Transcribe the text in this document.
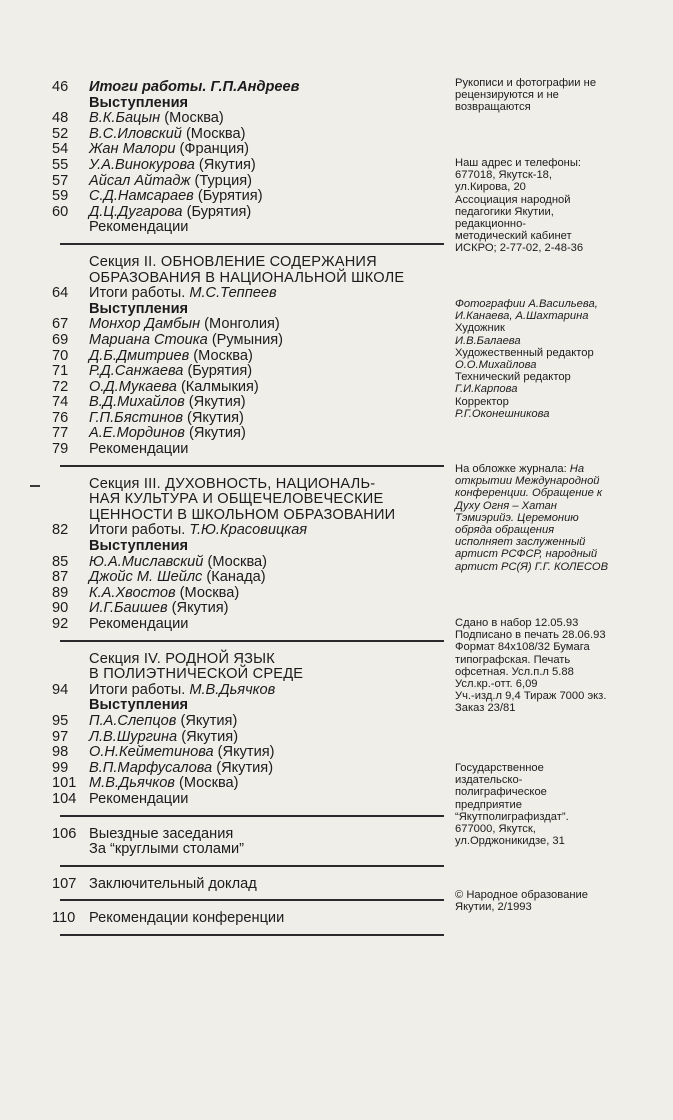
46	Итоги работы. Г.П.Андреев
Выступления
48	В.К.Бацын (Москва)
52	В.С.Иловский (Москва)
54	Жан Малори (Франция)
55	У.А.Винокурова (Якутия)
57	Айсал Айтадж (Турция)
59	С.Д.Намсараев (Бурятия)
60	Д.Ц.Дугарова (Бурятия)
Рекомендации
Секция II. ОБНОВЛЕНИЕ СОДЕРЖАНИЯ
ОБРАЗОВАНИЯ В НАЦИОНАЛЬНОЙ ШКОЛЕ
64	Итоги работы. М.С.Теппеев
Выступления
67	Монхор Дамбын (Монголия)
69	Мариана Стоика (Румыния)
70	Д.Б.Дмитриев (Москва)
71	Р.Д.Санжаева (Бурятия)
72	О.Д.Мукаева (Калмыкия)
74	В.Д.Михайлов (Якутия)
76	Г.П.Бястинов (Якутия)
77	А.Е.Мординов (Якутия)
79	Рекомендации
Секция III. ДУХОВНОСТЬ, НАЦИОНАЛЬ-
НАЯ КУЛЬТУРА И ОБЩЕЧЕЛОВЕЧЕСКИЕ
ЦЕННОСТИ В ШКОЛЬНОМ ОБРАЗОВАНИИ
82	Итоги работы. Т.Ю.Красовицкая
Выступления
85	Ю.А.Миславский (Москва)
87	Джойс М. Шейлс (Канада)
89	К.А.Хвостов (Москва)
90	И.Г.Баишев (Якутия)
92	Рекомендации
Секция IV. РОДНОЙ ЯЗЫК
В ПОЛИЭТНИЧЕСКОЙ СРЕДЕ
94	Итоги работы. М.В.Дьячков
Выступления
95	П.А.Слепцов (Якутия)
97	Л.В.Шургина (Якутия)
98	О.Н.Кейметинова (Якутия)
99	В.П.Марфусалова (Якутия)
101 М.В.Дьячков (Москва)
104 Рекомендации
106 Выездные заседания
За “круглыми столами”
107 Заключительный доклад
110 Рекомендации конференции
Рукописи и фотографии не
рецензируются и не
возвращаются
Наш адрес и телефоны:
677018, Якутск-18,
ул.Кирова, 20
Ассоциация народной
педагогики Якутии,
редакционно-
методический кабинет
ИСКРО; 2-77-02, 2-48-36
Фотографии А.Васильева,
И.Канаева, А.Шахтарина
Художник
И.В.Балаева
Художественный редактор
О.О.Михайлова
Технический редактор
Г.И.Карпова
Корректор
Р.Г.Оконешникова
На обложке журнала: На
открытии Международной
конференции. Обращение к
Духу Огня – Хатан
Тэмиэрийэ. Церемонию
обряда обращения
исполняет заслуженный
артист РСФСР, народный
артист РС(Я) Г.Г. КОЛЕСОВ
Сдано в набор 12.05.93
Подписано в печать 28.06.93
Формат 84х108/32 Бумага
типографская. Печать
офсетная. Усл.п.л 5.88
Усл.кр.-отт. 6,09
Уч.-изд.л 9,4 Тираж 7000 экз.
Заказ 23/81
Государственное
издательско-
полиграфическое
предприятие
“Якутполиграфиздат”.
677000, Якутск,
ул.Орджоникидзе, 31
© Народное образование
Якутии, 2/1993
